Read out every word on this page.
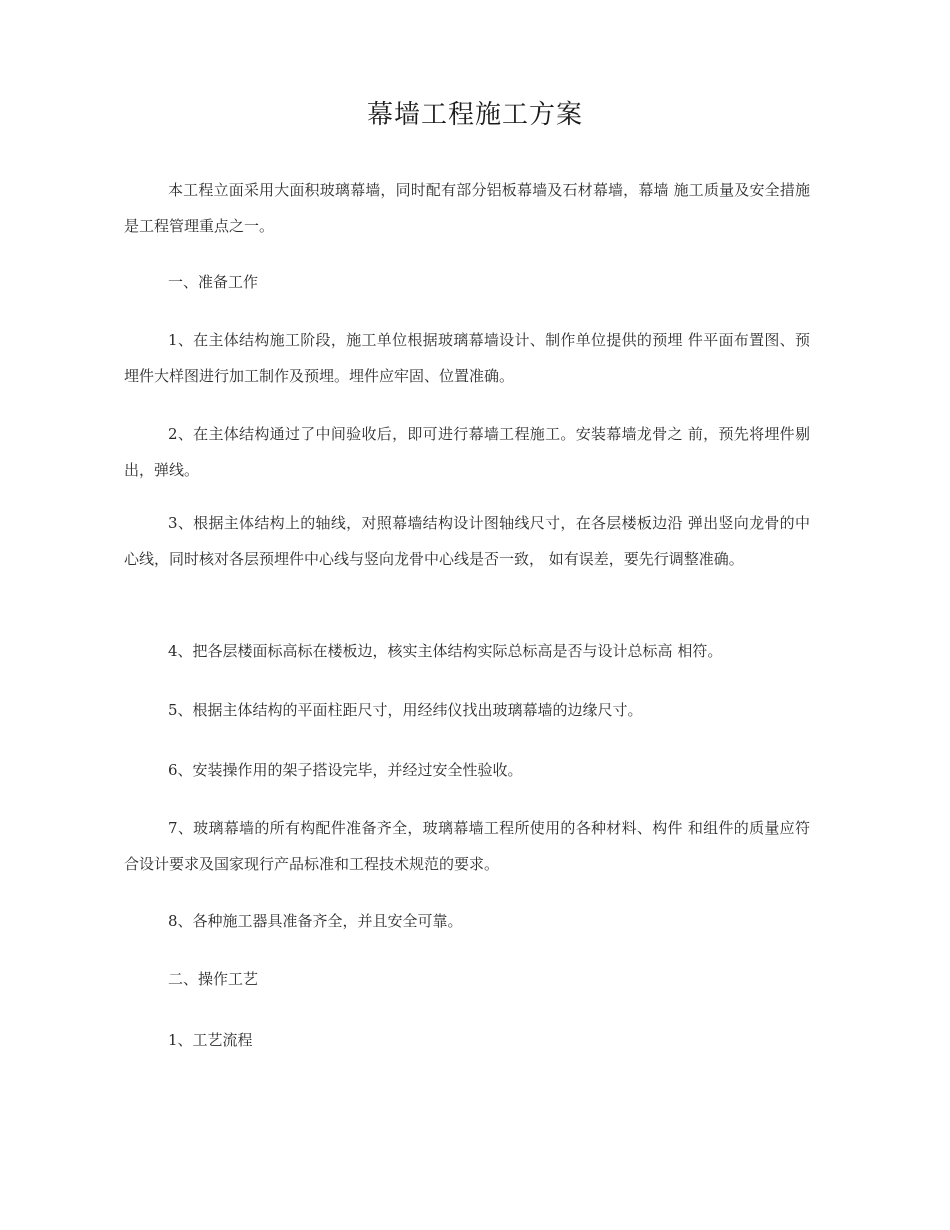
幕墙工程施工方案

本工程立面采用大面积玻璃幕墙，同时配有部分铝板幕墙及石材幕墙，幕墙 施工质量及安全措施是工程管理重点之一。

一、准备工作

1、在主体结构施工阶段，施工单位根据玻璃幕墙设计、制作单位提供的预埋 件平面布置图、预埋件大样图进行加工制作及预埋。埋件应牢固、位置准确。

2、在主体结构通过了中间验收后，即可进行幕墙工程施工。安装幕墙龙骨之 前，预先将埋件剔出，弹线。

3、根据主体结构上的轴线，对照幕墙结构设计图轴线尺寸，在各层楼板边沿 弹出竖向龙骨的中心线，同时核对各层预埋件中心线与竖向龙骨中心线是否一致， 如有误差，要先行调整准确。

4、把各层楼面标高标在楼板边，核实主体结构实际总标高是否与设计总标高 相符。

5、根据主体结构的平面柱距尺寸，用经纬仪找出玻璃幕墙的边缘尺寸。

6、安装操作用的架子搭设完毕，并经过安全性验收。

7、玻璃幕墙的所有构配件准备齐全，玻璃幕墙工程所使用的各种材料、构件 和组件的质量应符合设计要求及国家现行产品标准和工程技术规范的要求。

8、各种施工器具准备齐全，并且安全可靠。

二、操作工艺

1、工艺流程
